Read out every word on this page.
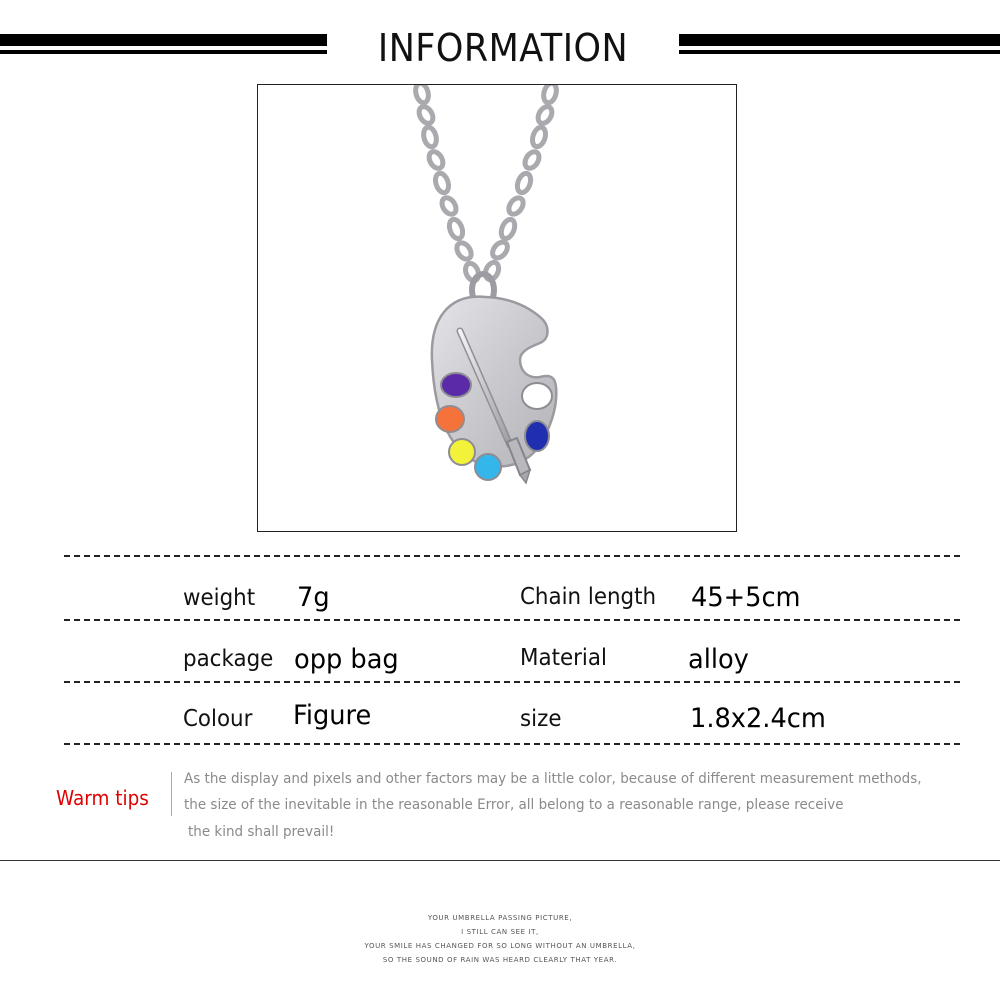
INFORMATION
weight 7g	Chain length 45+5cm
package opp bag	Material	alloy
Colour Figure	size	1.8x2.4cm
Warm tips
As the display and pixels and other factors may be a little color, because of different measurement methods,
the size of the inevitable in the reasonable Error, all belong to a reasonable range, please receive
the kind shall prevail!
YOUR UMBRELLA PASSING PICTURE,
I STILL CAN SEE IT,
YOUR SMILE HAS CHANGED FOR SO LONG WITHOUT AN UMBRELLA,
SO THE SOUND OF RAIN WAS HEARD CLEARLY THAT YEAR.
